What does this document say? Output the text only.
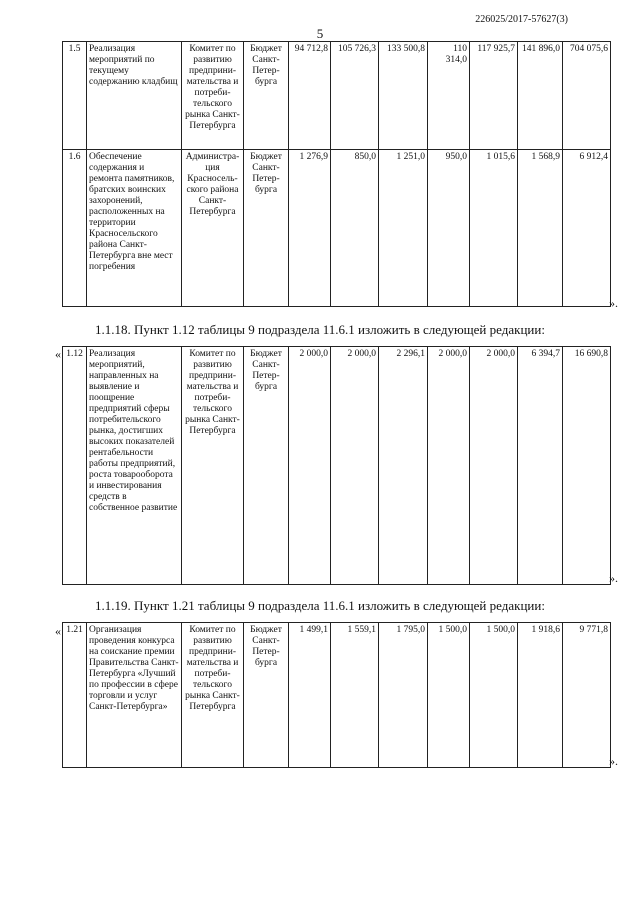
226025/2017-57627(3)
5
1.5	Реализация мероприятий по текущему содержанию кладбищ	Комитет по развитию предприни-мательства и потреби-тельского рынка Санкт-Петербурга	Бюджет Санкт-Петер-бурга	94 712,8	105 726,3	133 500,8	110 314,0	117 925,7	141 896,0	704 075,6
1.6	Обеспечение содержания и ремонта памятников, братских воинских захоронений, расположенных на территории Красносельского района Санкт-Петербурга вне мест погребения	Администра-ция Красносель-ского района Санкт-Петербурга	Бюджет Санкт-Петер-бурга	1 276,9	850,0	1 251,0	950,0	1 015,6	1 568,9	6 912,4
».
1.1.18. Пункт 1.12 таблицы 9 подраздела 11.6.1 изложить в следующей редакции:
« 1.12	Реализация мероприятий, направленных на выявление и поощрение предприятий сферы потребительского рынка, достигших высоких показателей рентабельности работы предприятий, роста товарооборота и инвестирования средств в собственное развитие	Комитет по развитию предприни-мательства и потреби-тельского рынка Санкт-Петербурга	Бюджет Санкт-Петер-бурга	2 000,0	2 000,0	2 296,1	2 000,0	2 000,0	6 394,7	16 690,8
».
1.1.19. Пункт 1.21 таблицы 9 подраздела 11.6.1 изложить в следующей редакции:
« 1.21	Организация проведения конкурса на соискание премии Правительства Санкт-Петербурга «Лучший по профессии в сфере торговли и услуг Санкт-Петербурга»	Комитет по развитию предприни-мательства и потреби-тельского рынка Санкт-Петербурга	Бюджет Санкт-Петер-бурга	1 499,1	1 559,1	1 795,0	1 500,0	1 500,0	1 918,6	9 771,8
».
